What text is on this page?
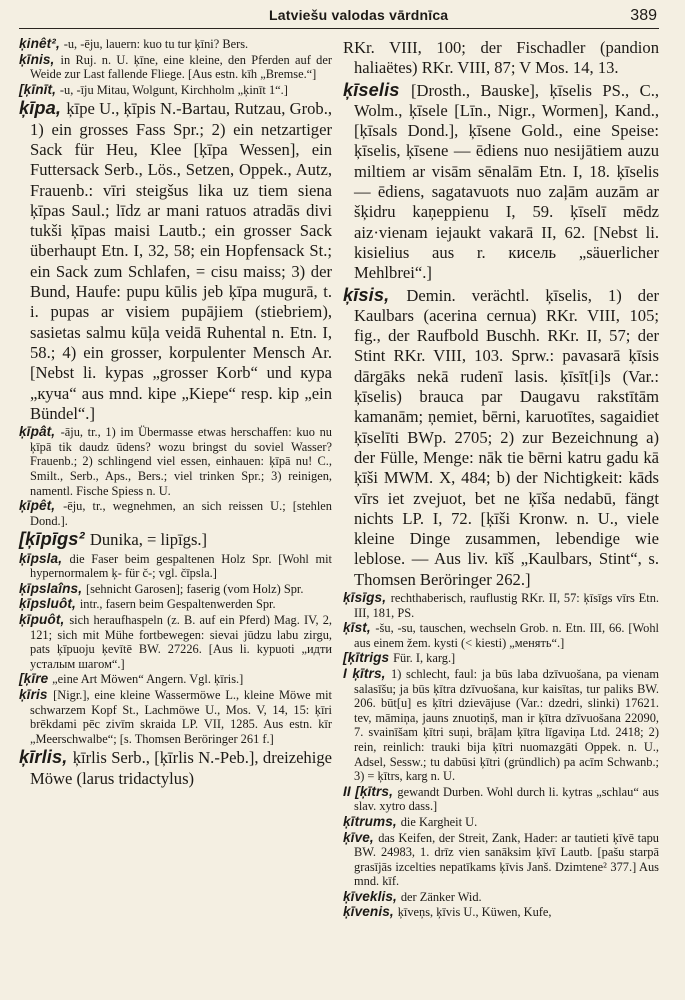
Latviešu valodas vārdnīca	389

ķinêt², -u, -ēju, lauern: kuo tu tur ķīni? Bers.

ķīnis, in Ruj. n. U. ķīne, eine kleine, den Pferden auf der Weide zur Last fallende Fliege. [Aus estn. kīh „Bremse.“]

[ķīnīt, -u, -īju Mitau, Wolgunt, Kirchholm „ķinīt 1“.]

ķīpa, ķīpe U., ķīpis N.-Bartau, Rutzau, Grob., 1) ein grosses Fass Spr.; 2) ein netzartiger Sack für Heu, Klee [ķīpa Wessen], ein Futtersack Serb., Lös., Setzen, Oppek., Autz, Frauenb.: vīri steigšus lika uz tiem siena ķīpas Saul.; līdz ar mani ratuos atradās divi tukši ķīpas maisi Lautb.; ein grosser Sack überhaupt Etn. I, 32, 58; ein Hopfensack St.; ein Sack zum Schlafen, = cisu maiss; 3) der Bund, Haufe: pupu kūlis jeb ķīpa mugurā, t. i. pupas ar visiem pupājiem (stiebriem), sasietas salmu kūļa veidā Ruhental n. Etn. I, 58.; 4) ein grosser, korpulenter Mensch Ar. [Nebst li. kypas „grosser Korb“ und кура „куча“ aus mnd. kipe „Kiepe“ resp. kip „ein Bündel“.]

ķīpât, -āju, tr., 1) im Übermasse etwas herschaffen: kuo nu ķīpā tik daudz ūdens? wozu bringst du soviel Wasser? Frauenb.; 2) schlingend viel essen, einhauen: ķīpā nu! C., Smilt., Serb., Aps., Bers.; viel trinken Spr.; 3) reinigen, namentl. Fische Spiess n. U.

ķīpêt, -ēju, tr., wegnehmen, an sich reissen U.; [stehlen Dond.].

[ķīpīgs² Dunika, = lipīgs.]

ķīpsla, die Faser beim gespaltenen Holz Spr. [Wohl mit hypernormalem ķ- für č-; vgl. čīpsla.]

ķīpslaîns, [sehnicht Garosen]; faserig (vom Holz) Spr.

ķīpsluôt, intr., fasern beim Gespaltenwerden Spr.

ķīpuôt, sich heraufhaspeln (z. B. auf ein Pferd) Mag. IV, 2, 121; sich mit Mühe fortbewegen: sievai jūdzu labu zirgu, pats ķīpuoju ķevītē BW. 27226. [Aus li. kypuoti „идти усталым шагом“.]

[ķīre „eine Art Möwen“ Angern. Vgl. ķīris.]

ķīris [Nigr.], eine kleine Wassermöwe L., kleine Möwe mit schwarzem Kopf St., Lachmöwe U., Mos. V, 14, 15: ķīri brēkdami pēc zivīm skraida LP. VII, 1285. Aus estn. kīr „Meerschwalbe“; [s. Thomsen Beröringer 261 f.]

ķīrlis, ķīrlis Serb., [ķīrlis N.-Peb.], dreizehige Möwe (larus tridactylus)

RKr. VIII, 100; der Fischadler (pandion haliaëtes) RKr. VIII, 87; V Mos. 14, 13.

ķīselis [Drosth., Bauske], ķīselis PS., C., Wolm., ķīsele [Līn., Nigr., Wormen], Kand., [ķīsals Dond.], ķīsene Gold., eine Speise: ķīselis, ķīsene — ēdiens nuo nesijātiem auzu miltiem ar visām sēnalām Etn. I, 18. ķīselis — ēdiens, sagatavuots nuo zaļām auzām ar šķidru kaņeppienu I, 59. ķīselī mēdz aiz·vienam iejaukt vakarā II, 62. [Nebst li. kisielius aus r. кисель „säuerlicher Mehlbrei“.]

ķīsis, Demin. veräсhtl. ķīselis, 1) der Kaulbars (acerina cernua) RKr. VIII, 105; fig., der Raufbold Buschh. RKr. II, 57; der Stint RKr. VIII, 103. Sprw.: pavasarā ķīsis dārgāks nekā rudenī lasis. ķīsīt[i]s (Var.: ķīselis) brauca par Daugavu rakstītām kamanām; ņemiet, bērni, karuotītes, sagaidiet ķīselīti BWp. 2705; 2) zur Bezeichnung a) der Fülle, Menge: nāk tie bērni katru gadu kā ķīši MWM. X, 484; b) der Nichtigkeit: kāds vīrs iet zvejuot, bet ne ķīša nedabū, fängt nichts LP. I, 72. [ķīši Kronw. n. U., viele kleine Dinge zusammen, lebendige wie leblose. — Aus liv. kīš „Kaulbars, Stint“, s. Thomsen Beröringer 262.]

ķīsīgs, rechthaberisch, rauflustig RKr. II, 57: ķīsīgs vīrs Etn. III, 181, PS.

ķīst, -šu, -su, tauschen, wechseln Grob. n. Etn. III, 66. [Wohl aus einem žem. kysti (< kiesti) „менять“.]

[ķītrigs Für. I, karg.]

I ķītrs, 1) schlecht, faul: ja būs laba dzīvuošana, pa vienam salasīšu; ja būs ķītra dzīvuošana, kur kaisītas, tur paliks BW. 206. būt[u] es ķītri dzievājuse (Var.: dzedri, slinki) 17621. tev, māmiņa, jauns znuotiņš, man ir ķītra dzīvuošana 22090, 7. svainīšam ķītri suņi, brāļam ķītra līgaviņa Ltd. 2418; 2) rein, reinlich: trauki bija ķītri nuomazgāti Oppek. n. U., Adsel, Sessw.; tu dabūsi ķītri (gründlich) pa acīm Schwanb.; 3) = ķītrs, karg n. U.

II [ķītrs, gewandt Durben. Wohl durch li. kytras „schlau“ aus slav. xytro dass.]

ķītrums, die Kargheit U.

ķīve, das Keifen, der Streit, Zank, Hader: ar tautieti ķīvē tapu BW. 24983, 1. drīz vien sanāksim ķīvī Lautb. [pašu starpā grasījās izcelties nepatīkams ķīvis Janš. Dzimtene² 377.] Aus mnd. kīf.

ķīveklis, der Zänker Wid.

ķīvenis, ķīveņs, ķīvis U., Küwen, Kufe,
